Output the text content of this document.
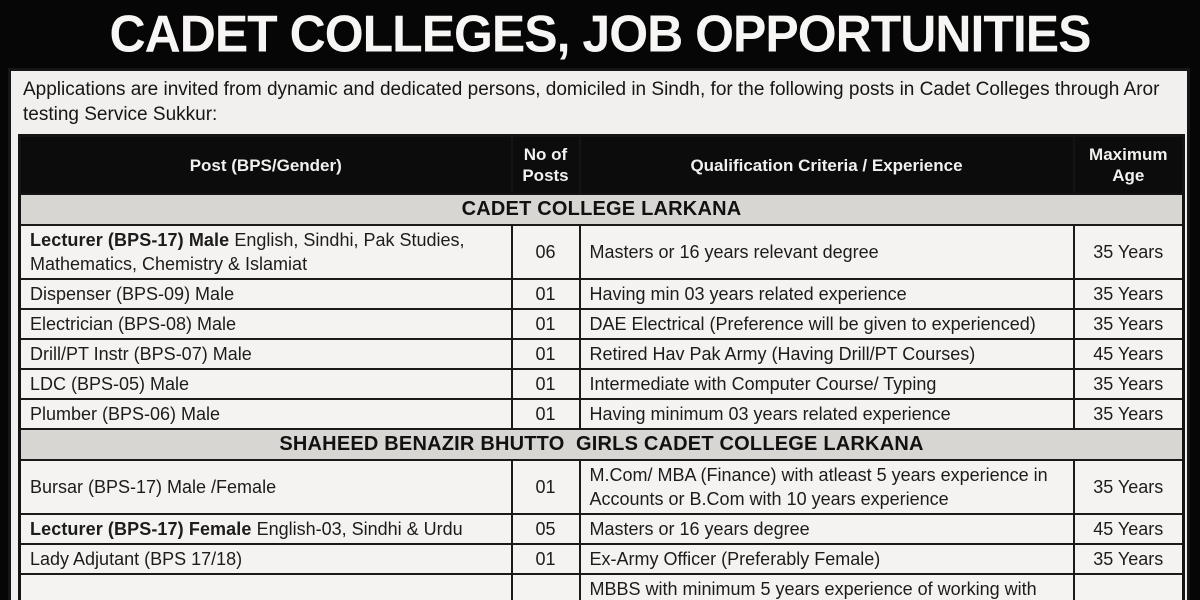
CADET COLLEGES, JOB OPPORTUNITIES
Applications are invited from dynamic and dedicated persons, domiciled in Sindh, for the following posts in Cadet Colleges through Aror
testing Service Sukkur:
Post (BPS/Gender)	No of Posts	Qualification Criteria / Experience	Maximum Age
CADET COLLEGE LARKANA			
Lecturer (BPS-17) Male English, Sindhi, Pak Studies, Mathematics, Chemistry & Islamiat	06	Masters or 16 years relevant degree	35 Years
Dispenser (BPS-09) Male	01	Having min 03 years related experience	35 Years
Electrician (BPS-08) Male	01	DAE Electrical (Preference will be given to experienced)	35 Years
Drill/PT Instr (BPS-07) Male	01	Retired Hav Pak Army (Having Drill/PT Courses)	45 Years
LDC (BPS-05) Male	01	Intermediate with Computer Course/ Typing	35 Years
Plumber (BPS-06) Male	01	Having minimum 03 years related experience	35 Years
SHAHEED BENAZIR BHUTTO  GIRLS CADET COLLEGE LARKANA			
Bursar (BPS-17) Male /Female	01	M.Com/ MBA (Finance) with atleast 5 years experience in Accounts or B.Com with 10 years experience	35 Years
Lecturer (BPS-17) Female English-03, Sindhi & Urdu	05	Masters or 16 years degree	45 Years
Lady Adjutant (BPS 17/18)	01	Ex-Army Officer (Preferably Female)	35 Years
		MBBS with minimum 5 years experience of working with	
